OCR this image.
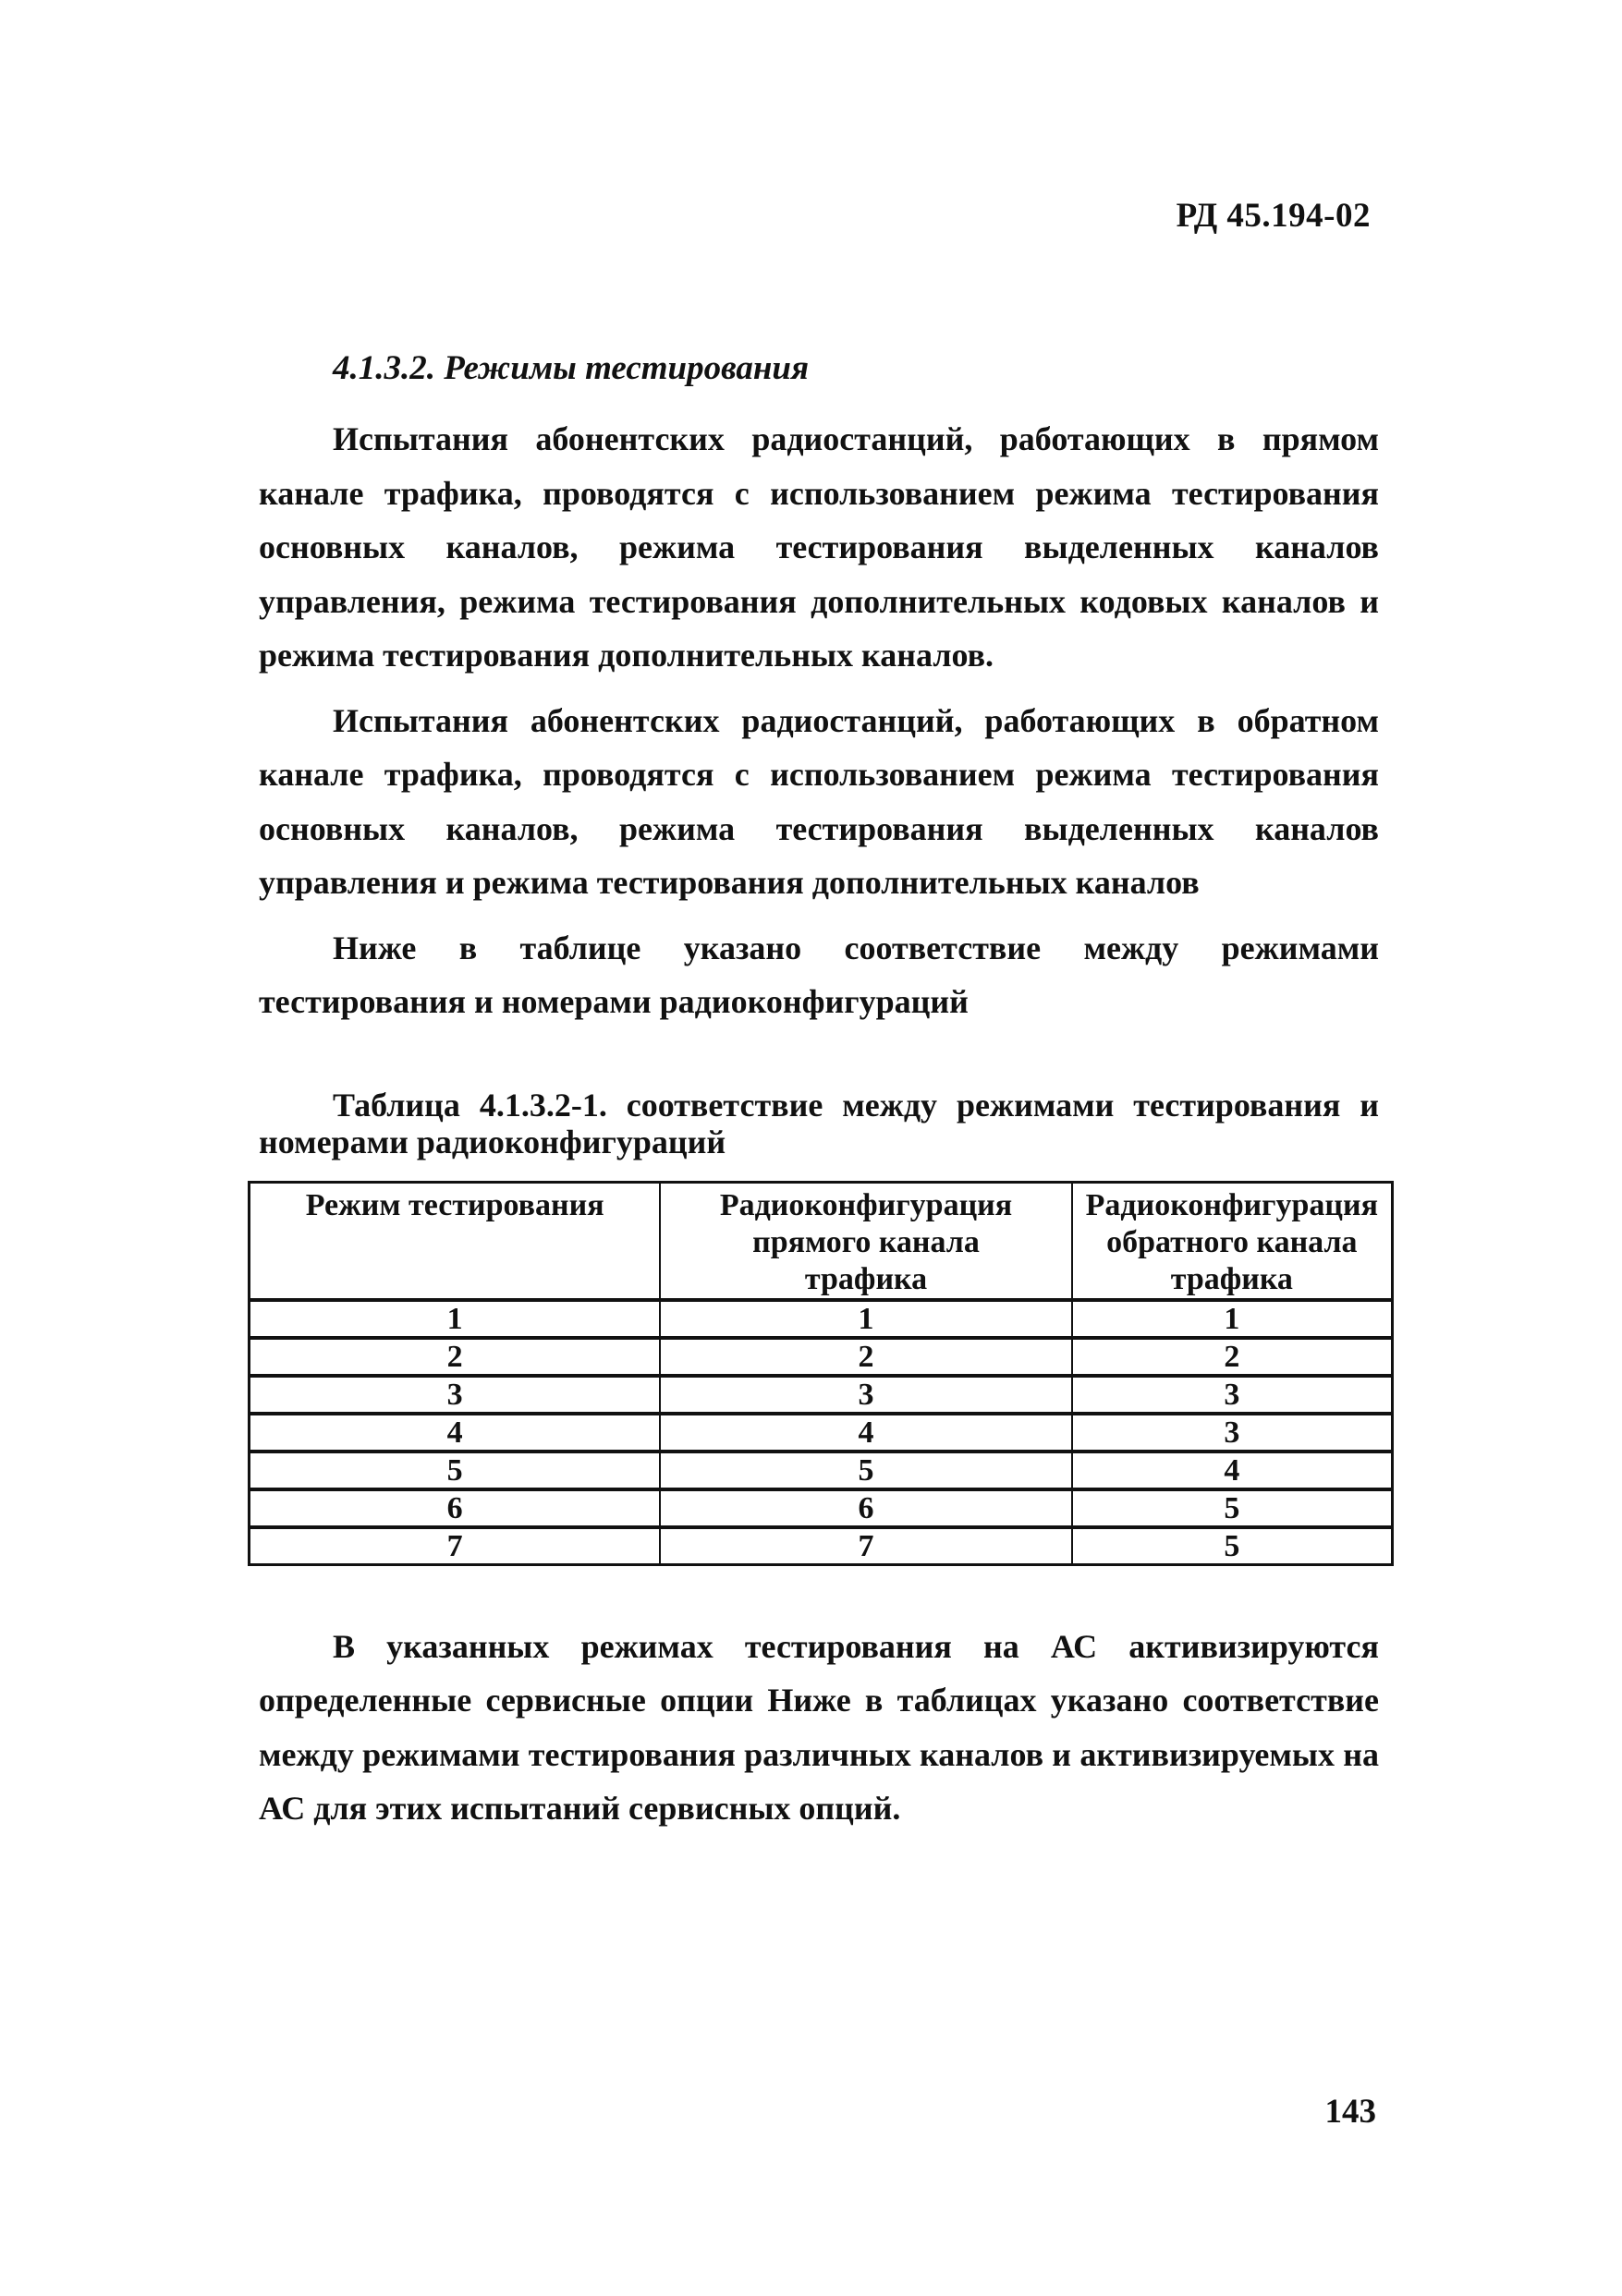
РД 45.194-02
4.1.3.2. Режимы тестирования

Испытания абонентских радиостанций, работающих в прямом канале трафика, проводятся с использованием режима тестирования основных каналов, режима тестирования выделенных каналов управления, режима тестирования дополнительных кодовых каналов и режима тестирования дополнительных каналов.

Испытания абонентских радиостанций, работающих в обратном канале трафика, проводятся с использованием режима тестирования основных каналов, режима тестирования выделенных каналов управления и режима тестирования дополнительных каналов

Ниже в таблице указано соответствие между режимами тестирования и номерами радиоконфигураций

Таблица 4.1.3.2-1. соответствие между режимами тестирования и номерами радиоконфигураций
Режим тестирования	Радиоконфигурация прямого канала трафика	Радиоконфигурация обратного канала трафика
1	1	1
2	2	2
3	3	3
4	4	3
5	5	4
6	6	5
7	7	5

В указанных режимах тестирования на АС активизируются определенные сервисные опции Ниже в таблицах указано соответствие между режимами тестирования различных каналов и активизируемых на АС для этих испытаний сервисных опций.

143
